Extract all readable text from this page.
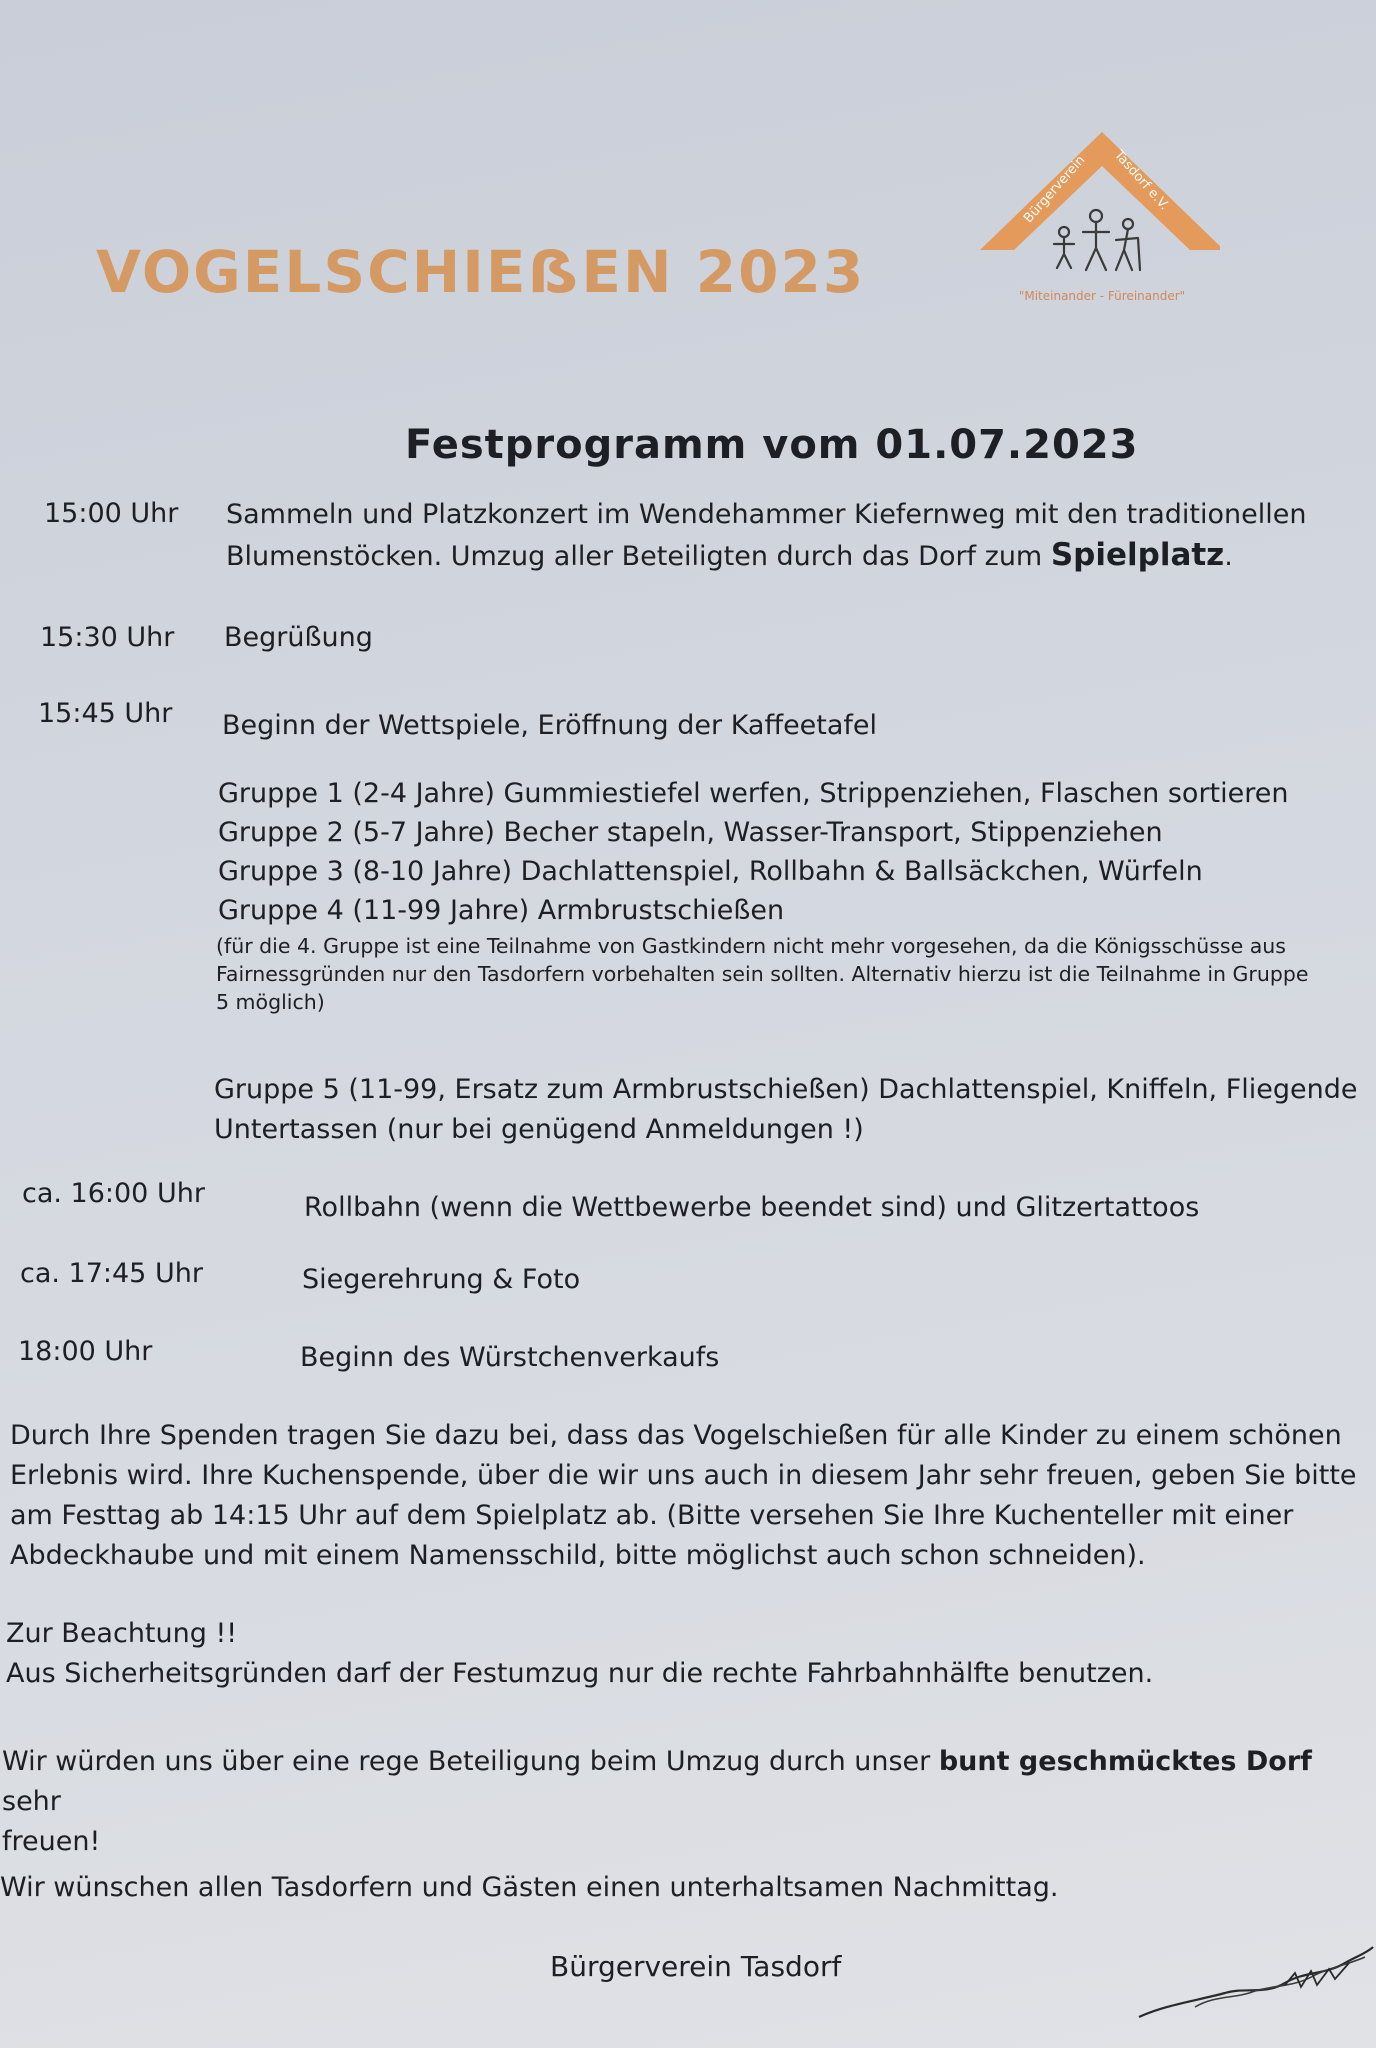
VOGELSCHIEẞEN 2023
Bürgerverein Tasdorf e.V.
"Miteinander - Füreinander"
Festprogramm vom 01.07.2023
15:00 Uhr Sammeln und Platzkonzert im Wendehammer Kiefernweg mit den traditionellen
Blumenstöcken. Umzug aller Beteiligten durch das Dorf zum Spielplatz.
15:30 Uhr Begrüßung
15:45 Uhr Beginn der Wettspiele, Eröffnung der Kaffeetafel
Gruppe 1 (2-4 Jahre) Gummiestiefel werfen, Strippenziehen, Flaschen sortieren
Gruppe 2 (5-7 Jahre) Becher stapeln, Wasser-Transport, Stippenziehen
Gruppe 3 (8-10 Jahre) Dachlattenspiel, Rollbahn & Ballsäckchen, Würfeln
Gruppe 4 (11-99 Jahre) Armbrustschießen
(für die 4. Gruppe ist eine Teilnahme von Gastkindern nicht mehr vorgesehen, da die Königsschüsse aus
Fairnessgründen nur den Tasdorfern vorbehalten sein sollten. Alternativ hierzu ist die Teilnahme in Gruppe
5 möglich)
Gruppe 5 (11-99, Ersatz zum Armbrustschießen) Dachlattenspiel, Kniffeln, Fliegende
Untertassen (nur bei genügend Anmeldungen !)
ca. 16:00 Uhr	Rollbahn (wenn die Wettbewerbe beendet sind) und Glitzertattoos
ca. 17:45 Uhr	Siegerehrung & Foto
18:00 Uhr	Beginn des Würstchenverkaufs
Durch Ihre Spenden tragen Sie dazu bei, dass das Vogelschießen für alle Kinder zu einem schönen
Erlebnis wird. Ihre Kuchenspende, über die wir uns auch in diesem Jahr sehr freuen, geben Sie bitte
am Festtag ab 14:15 Uhr auf dem Spielplatz ab. (Bitte versehen Sie Ihre Kuchenteller mit einer
Abdeckhaube und mit einem Namensschild, bitte möglichst auch schon schneiden).
Zur Beachtung !!
Aus Sicherheitsgründen darf der Festumzug nur die rechte Fahrbahnhälfte benutzen.
Wir würden uns über eine rege Beteiligung beim Umzug durch unser bunt geschmücktes Dorf sehr
freuen!
Wir wünschen allen Tasdorfern und Gästen einen unterhaltsamen Nachmittag.
Bürgerverein Tasdorf
